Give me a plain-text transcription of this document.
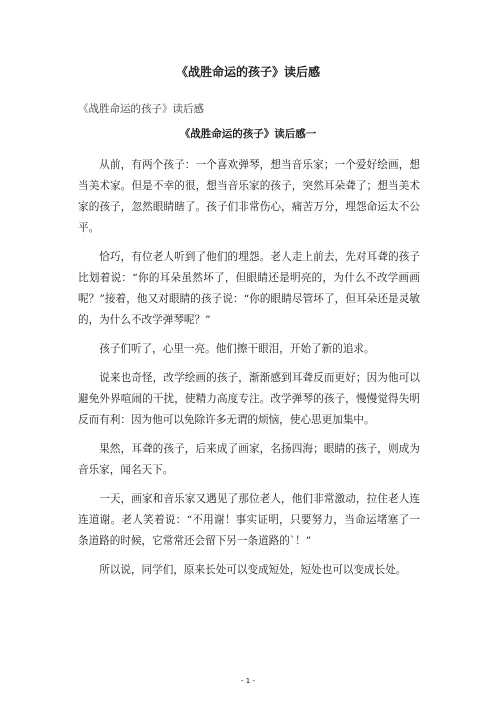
《战胜命运的孩子》读后感
《战胜命运的孩子》读后感
《战胜命运的孩子》读后感一

从前，有两个孩子：一个喜欢弹琴，想当音乐家；一个爱好绘画，想当美术家。但是不幸的很，想当音乐家的孩子，突然耳朵聋了；想当美术家的孩子，忽然眼睛瞎了。孩子们非常伤心，痛苦万分，埋怨命运太不公平。

恰巧，有位老人听到了他们的埋怨。老人走上前去，先对耳聋的孩子比划着说：“你的耳朵虽然坏了，但眼睛还是明亮的，为什么不改学画画呢？”接着，他又对眼睛的孩子说：“你的眼睛尽管坏了，但耳朵还是灵敏的，为什么不改学弹琴呢？”

孩子们听了，心里一亮。他们擦干眼泪，开始了新的追求。

说来也奇怪，改学绘画的孩子，渐渐感到耳聋反而更好；因为他可以避免外界喧闹的干扰，使精力高度专注。改学弹琴的孩子，慢慢觉得失明反而有利：因为他可以免除许多无谓的烦恼，使心思更加集中。

果然，耳聋的孩子，后来成了画家，名扬四海；眼睛的孩子，则成为音乐家，闻名天下。

一天，画家和音乐家又遇见了那位老人，他们非常激动，拉住老人连连道谢。老人笑着说：“不用谢！事实证明，只要努力，当命运堵塞了一条道路的时候，它常常还会留下另一条道路的`！”

所以说，同学们，原来长处可以变成短处，短处也可以变成长处。

- 1 -
